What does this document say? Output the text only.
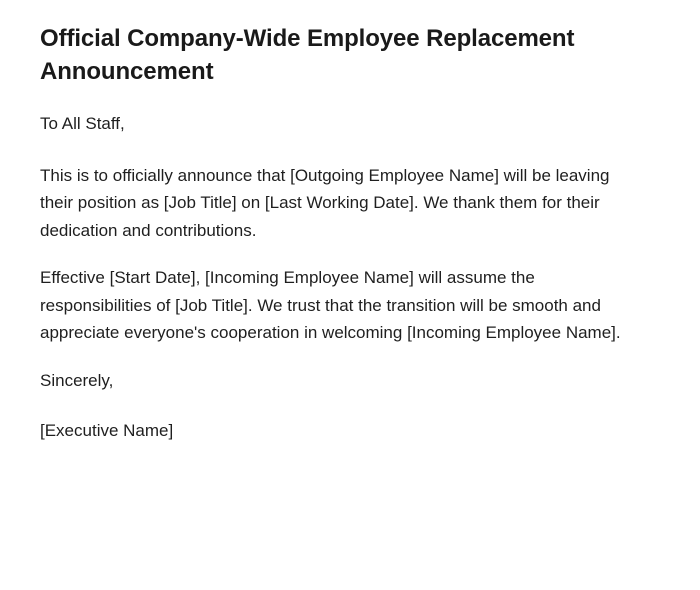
Official Company-Wide Employee Replacement Announcement

To All Staff,

This is to officially announce that [Outgoing Employee Name] will be leaving their position as [Job Title] on [Last Working Date]. We thank them for their dedication and contributions.

Effective [Start Date], [Incoming Employee Name] will assume the responsibilities of [Job Title]. We trust that the transition will be smooth and appreciate everyone's cooperation in welcoming [Incoming Employee Name].

Sincerely,

[Executive Name]
